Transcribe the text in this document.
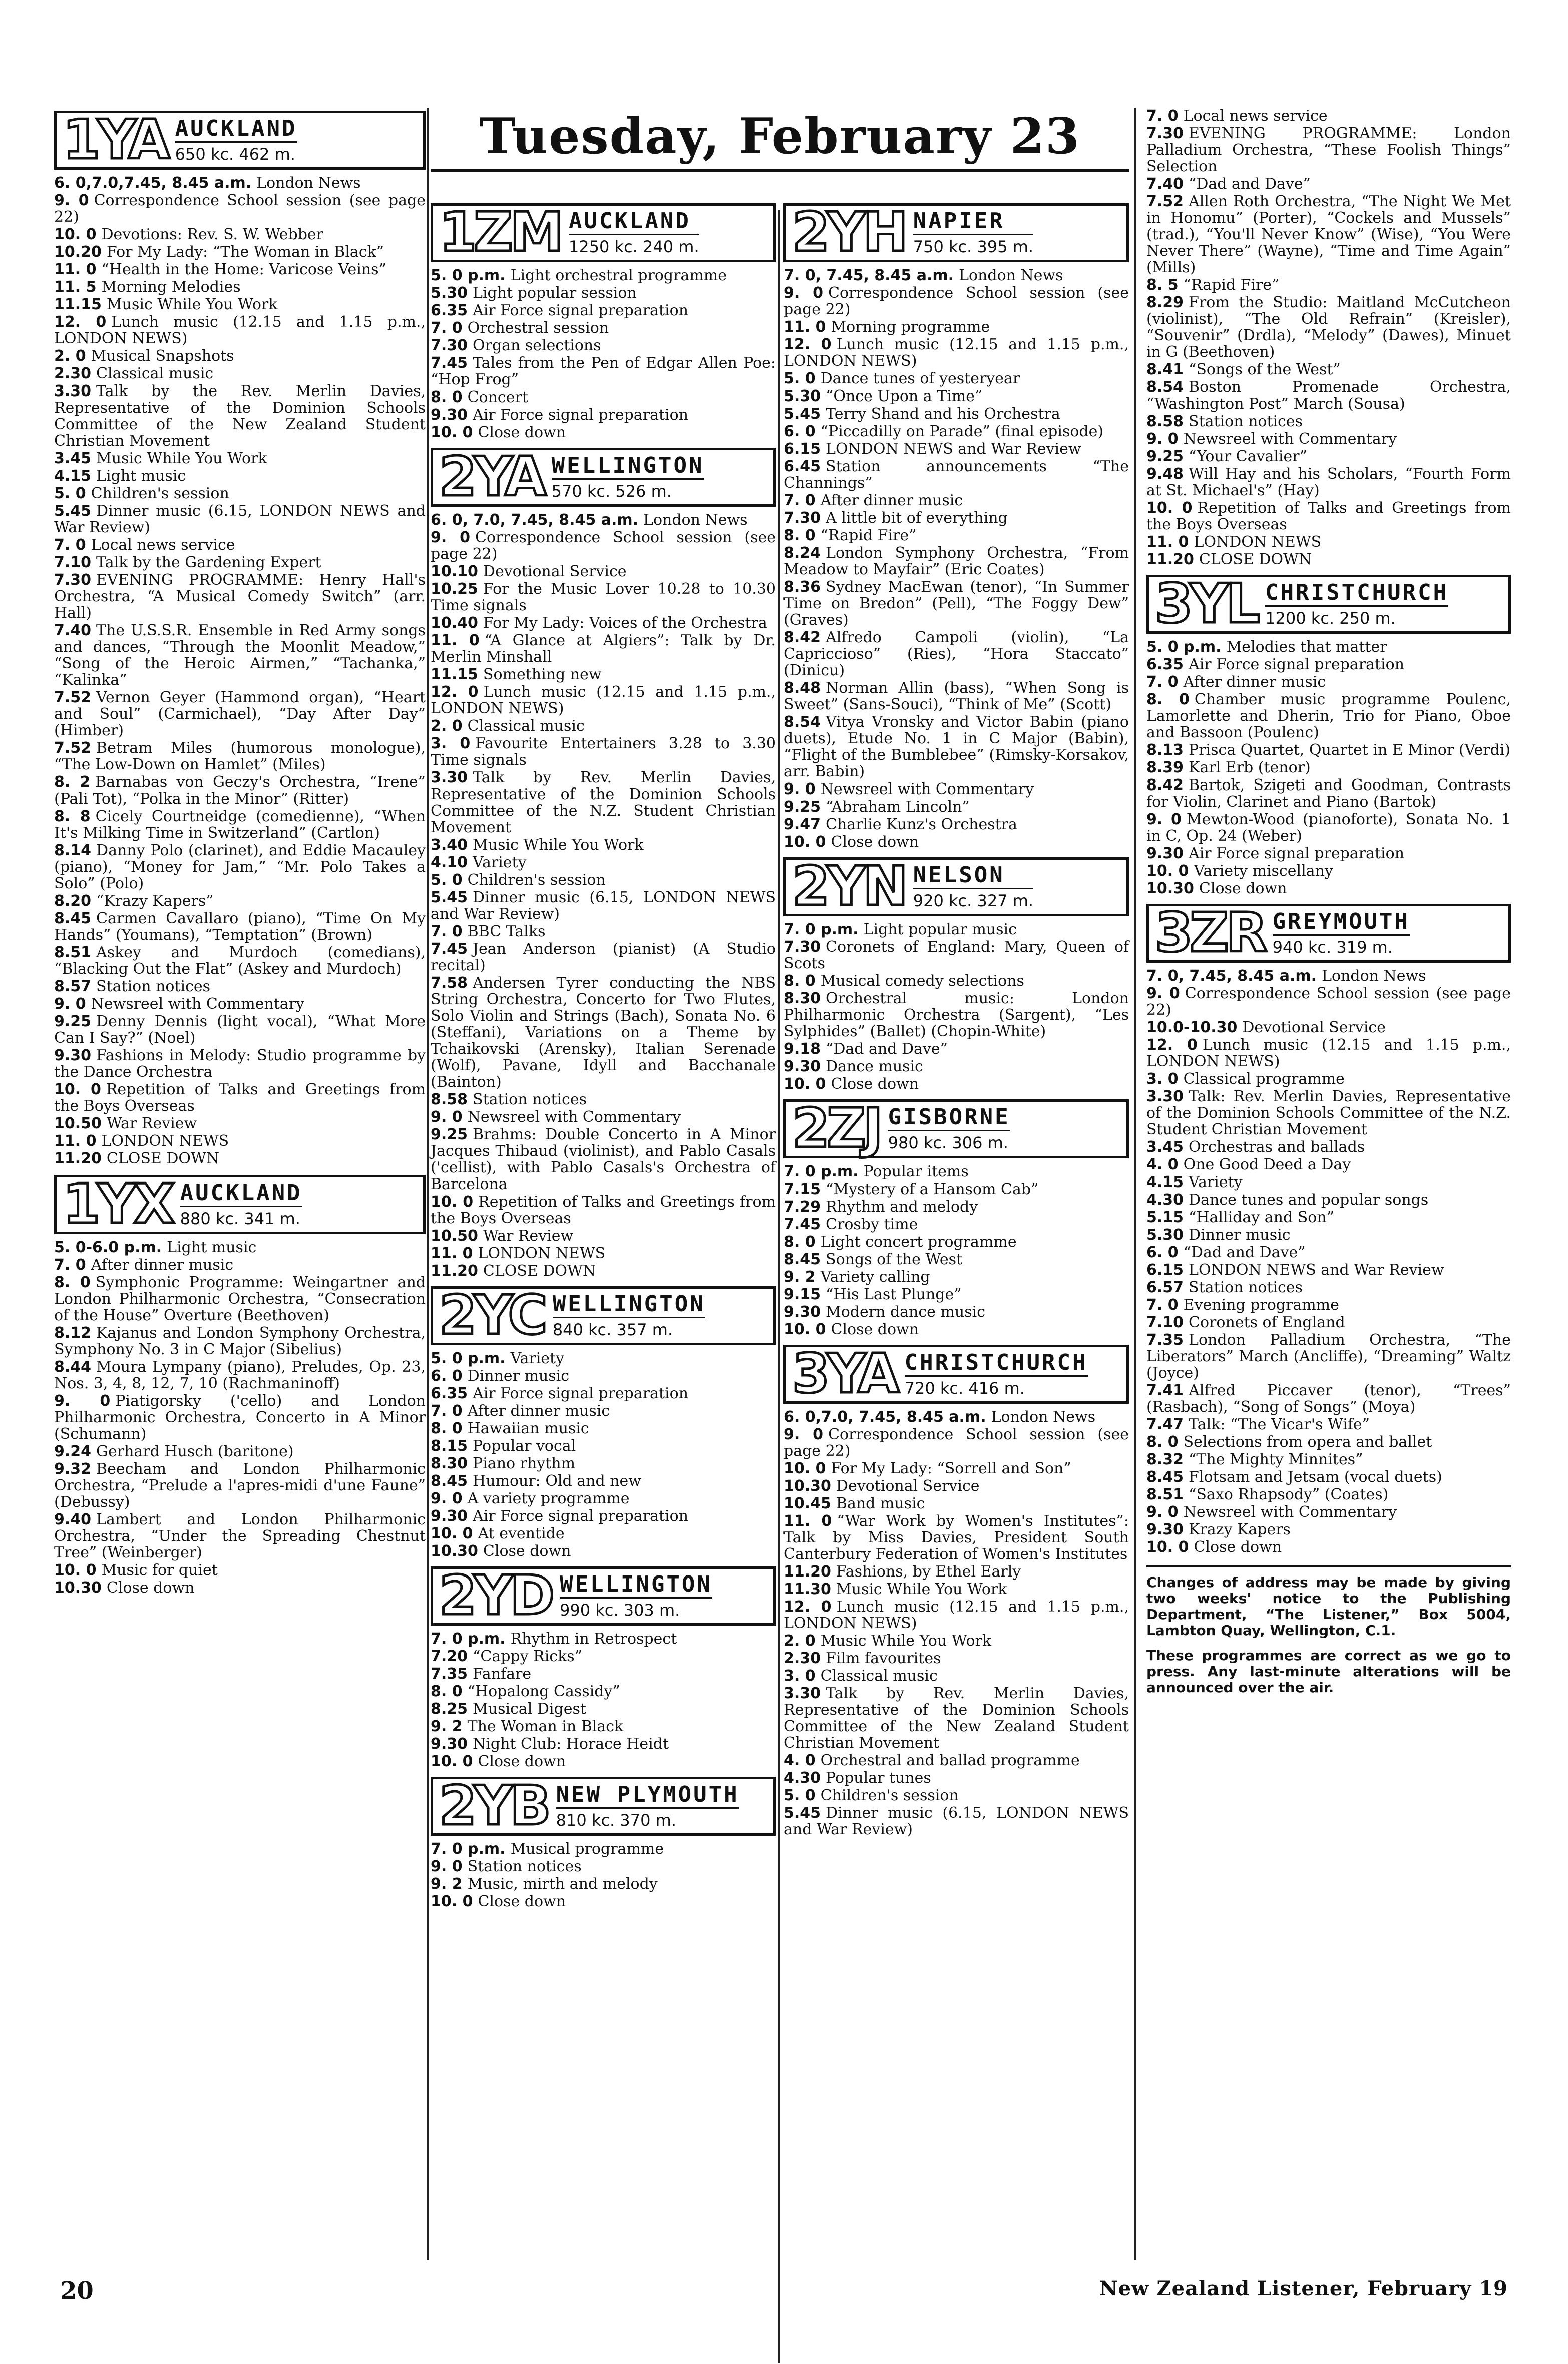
1YA AUCKLAND
650 kc. 462 m.
6. 0,7.0,7.45, 8.45 a.m. London News
9. 0 Correspondence School session (see page 22)
10. 0 Devotions: Rev. S. W. Webber
10.20 For My Lady: “The Woman in Black”
11. 0 “Health in the Home: Varicose Veins”
11. 5 Morning Melodies
11.15 Music While You Work
12. 0 Lunch music (12.15 and 1.15 p.m., LONDON NEWS)
2. 0 Musical Snapshots
2.30 Classical music
3.30 Talk by the Rev. Merlin Davies, Representative of the Dominion Schools Committee of the New Zealand Student Christian Movement
3.45 Music While You Work
4.15 Light music
5. 0 Children's session
5.45 Dinner music (6.15, LONDON NEWS and War Review)
7. 0 Local news service
7.10 Talk by the Gardening Expert
7.30 EVENING PROGRAMME: Henry Hall's Orchestra, “A Musical Comedy Switch” (arr. Hall)
7.40 The U.S.S.R. Ensemble in Red Army songs and dances, “Through the Moonlit Meadow,” “Song of the Heroic Airmen,” “Tachanka,” “Kalinka”
7.52 Vernon Geyer (Hammond organ), “Heart and Soul” (Carmichael), “Day After Day” (Himber)
7.52 Betram Miles (humorous monologue), “The Low-Down on Hamlet” (Miles)
8. 2 Barnabas von Geczy's Orchestra, “Irene” (Pali Tot), “Polka in the Minor” (Ritter)
8. 8 Cicely Courtneidge (comedienne), “When It's Milking Time in Switzerland” (Cartlon)
8.14 Danny Polo (clarinet), and Eddie Macauley (piano), “Money for Jam,” “Mr. Polo Takes a Solo” (Polo)
8.20 “Krazy Kapers”
8.45 Carmen Cavallaro (piano), “Time On My Hands” (Youmans), “Temptation” (Brown)
8.51 Askey and Murdoch (comedians), “Blacking Out the Flat” (Askey and Murdoch)
8.57 Station notices
9. 0 Newsreel with Commentary
9.25 Denny Dennis (light vocal), “What More Can I Say?” (Noel)
9.30 Fashions in Melody: Studio programme by the Dance Orchestra
10. 0 Repetition of Talks and Greetings from the Boys Overseas
10.50 War Review
11. 0 LONDON NEWS
11.20 CLOSE DOWN
1YX AUCKLAND
880 kc. 341 m.
5. 0-6.0 p.m. Light music
7. 0 After dinner music
8. 0 Symphonic Programme: Weingartner and London Philharmonic Orchestra, “Consecration of the House” Overture (Beethoven)
8.12 Kajanus and London Symphony Orchestra, Symphony No. 3 in C Major (Sibelius)
8.44 Moura Lympany (piano), Preludes, Op. 23, Nos. 3, 4, 8, 12, 7, 10 (Rachmaninoff)
9. 0 Piatigorsky ('cello) and London Philharmonic Orchestra, Concerto in A Minor (Schumann)
9.24 Gerhard Husch (baritone)
9.32 Beecham and London Philharmonic Orchestra, “Prelude a l'apres-midi d'une Faune” (Debussy)
9.40 Lambert and London Philharmonic Orchestra, “Under the Spreading Chestnut Tree” (Weinberger)
10. 0 Music for quiet
10.30 Close down
Tuesday, February 23
1ZM AUCKLAND
1250 kc. 240 m.
5. 0 p.m. Light orchestral programme
5.30 Light popular session
6.35 Air Force signal preparation
7. 0 Orchestral session
7.30 Organ selections
7.45 Tales from the Pen of Edgar Allen Poe: “Hop Frog”
8. 0 Concert
9.30 Air Force signal preparation
10. 0 Close down
2YA WELLINGTON
570 kc. 526 m.
6. 0, 7.0, 7.45, 8.45 a.m. London News
9. 0 Correspondence School session (see page 22)
10.10 Devotional Service
10.25 For the Music Lover 10.28 to 10.30 Time signals
10.40 For My Lady: Voices of the Orchestra
11. 0 “A Glance at Algiers”: Talk by Dr. Merlin Minshall
11.15 Something new
12. 0 Lunch music (12.15 and 1.15 p.m., LONDON NEWS)
2. 0 Classical music
3. 0 Favourite Entertainers 3.28 to 3.30 Time signals
3.30 Talk by Rev. Merlin Davies, Representative of the Dominion Schools Committee of the N.Z. Student Christian Movement
3.40 Music While You Work
4.10 Variety
5. 0 Children's session
5.45 Dinner music (6.15, LONDON NEWS and War Review)
7. 0 BBC Talks
7.45 Jean Anderson (pianist) (A Studio recital)
7.58 Andersen Tyrer conducting the NBS String Orchestra, Concerto for Two Flutes, Solo Violin and Strings (Bach), Sonata No. 6 (Steffani), Variations on a Theme by Tchaikovski (Arensky), Italian Serenade (Wolf), Pavane, Idyll and Bacchanale (Bainton)
8.58 Station notices
9. 0 Newsreel with Commentary
9.25 Brahms: Double Concerto in A Minor Jacques Thibaud (violinist), and Pablo Casals ('cellist), with Pablo Casals's Orchestra of Barcelona
10. 0 Repetition of Talks and Greetings from the Boys Overseas
10.50 War Review
11. 0 LONDON NEWS
11.20 CLOSE DOWN
2YC WELLINGTON
840 kc. 357 m.
5. 0 p.m. Variety
6. 0 Dinner music
6.35 Air Force signal preparation
7. 0 After dinner music
8. 0 Hawaiian music
8.15 Popular vocal
8.30 Piano rhythm
8.45 Humour: Old and new
9. 0 A variety programme
9.30 Air Force signal preparation
10. 0 At eventide
10.30 Close down
2YD WELLINGTON
990 kc. 303 m.
7. 0 p.m. Rhythm in Retrospect
7.20 “Cappy Ricks”
7.35 Fanfare
8. 0 “Hopalong Cassidy”
8.25 Musical Digest
9. 2 The Woman in Black
9.30 Night Club: Horace Heidt
10. 0 Close down
2YB NEW PLYMOUTH
810 kc. 370 m.
7. 0 p.m. Musical programme
9. 0 Station notices
9. 2 Music, mirth and melody
10. 0 Close down
2YH NAPIER
750 kc. 395 m.
7. 0, 7.45, 8.45 a.m. London News
9. 0 Correspondence School session (see page 22)
11. 0 Morning programme
12. 0 Lunch music (12.15 and 1.15 p.m., LONDON NEWS)
5. 0 Dance tunes of yesteryear
5.30 “Once Upon a Time”
5.45 Terry Shand and his Orchestra
6. 0 “Piccadilly on Parade” (final episode)
6.15 LONDON NEWS and War Review
6.45 Station announcements “The Channings”
7. 0 After dinner music
7.30 A little bit of everything
8. 0 “Rapid Fire”
8.24 London Symphony Orchestra, “From Meadow to Mayfair” (Eric Coates)
8.36 Sydney MacEwan (tenor), “In Summer Time on Bredon” (Pell), “The Foggy Dew” (Graves)
8.42 Alfredo Campoli (violin), “La Capriccioso” (Ries), “Hora Staccato” (Dinicu)
8.48 Norman Allin (bass), “When Song is Sweet” (Sans-Souci), “Think of Me” (Scott)
8.54 Vitya Vronsky and Victor Babin (piano duets), Etude No. 1 in C Major (Babin), “Flight of the Bumblebee” (Rimsky-Korsakov, arr. Babin)
9. 0 Newsreel with Commentary
9.25 “Abraham Lincoln”
9.47 Charlie Kunz's Orchestra
10. 0 Close down
2YN NELSON
920 kc. 327 m.
7. 0 p.m. Light popular music
7.30 Coronets of England: Mary, Queen of Scots
8. 0 Musical comedy selections
8.30 Orchestral music: London Philharmonic Orchestra (Sargent), “Les Sylphides” (Ballet) (Chopin-White)
9.18 “Dad and Dave”
9.30 Dance music
10. 0 Close down
2ZJ GISBORNE
980 kc. 306 m.
7. 0 p.m. Popular items
7.15 “Mystery of a Hansom Cab”
7.29 Rhythm and melody
7.45 Crosby time
8. 0 Light concert programme
8.45 Songs of the West
9. 2 Variety calling
9.15 “His Last Plunge”
9.30 Modern dance music
10. 0 Close down
3YA CHRISTCHURCH
720 kc. 416 m.
6. 0,7.0, 7.45, 8.45 a.m. London News
9. 0 Correspondence School session (see page 22)
10. 0 For My Lady: “Sorrell and Son”
10.30 Devotional Service
10.45 Band music
11. 0 “War Work by Women's Institutes”: Talk by Miss Davies, President South Canterbury Federation of Women's Institutes
11.20 Fashions, by Ethel Early
11.30 Music While You Work
12. 0 Lunch music (12.15 and 1.15 p.m., LONDON NEWS)
2. 0 Music While You Work
2.30 Film favourites
3. 0 Classical music
3.30 Talk by Rev. Merlin Davies, Representative of the Dominion Schools Committee of the New Zealand Student Christian Movement
4. 0 Orchestral and ballad programme
4.30 Popular tunes
5. 0 Children's session
5.45 Dinner music (6.15, LONDON NEWS and War Review)
7. 0 Local news service
7.30 EVENING PROGRAMME: London Palladium Orchestra, “These Foolish Things” Selection
7.40 “Dad and Dave”
7.52 Allen Roth Orchestra, “The Night We Met in Honomu” (Porter), “Cockels and Mussels” (trad.), “You'll Never Know” (Wise), “You Were Never There” (Wayne), “Time and Time Again” (Mills)
8. 5 “Rapid Fire”
8.29 From the Studio: Maitland McCutcheon (violinist), “The Old Refrain” (Kreisler), “Souvenir” (Drdla), “Melody” (Dawes), Minuet in G (Beethoven)
8.41 “Songs of the West”
8.54 Boston Promenade Orchestra, “Washington Post” March (Sousa)
8.58 Station notices
9. 0 Newsreel with Commentary
9.25 “Your Cavalier”
9.48 Will Hay and his Scholars, “Fourth Form at St. Michael's” (Hay)
10. 0 Repetition of Talks and Greetings from the Boys Overseas
11. 0 LONDON NEWS
11.20 CLOSE DOWN
3YL CHRISTCHURCH
1200 kc. 250 m.
5. 0 p.m. Melodies that matter
6.35 Air Force signal preparation
7. 0 After dinner music
8. 0 Chamber music programme Poulenc, Lamorlette and Dherin, Trio for Piano, Oboe and Bassoon (Poulenc)
8.13 Prisca Quartet, Quartet in E Minor (Verdi)
8.39 Karl Erb (tenor)
8.42 Bartok, Szigeti and Goodman, Contrasts for Violin, Clarinet and Piano (Bartok)
9. 0 Mewton-Wood (pianoforte), Sonata No. 1 in C, Op. 24 (Weber)
9.30 Air Force signal preparation
10. 0 Variety miscellany
10.30 Close down
3ZR GREYMOUTH
940 kc. 319 m.
7. 0, 7.45, 8.45 a.m. London News
9. 0 Correspondence School session (see page 22)
10.0-10.30 Devotional Service
12. 0 Lunch music (12.15 and 1.15 p.m., LONDON NEWS)
3. 0 Classical programme
3.30 Talk: Rev. Merlin Davies, Representative of the Dominion Schools Committee of the N.Z. Student Christian Movement
3.45 Orchestras and ballads
4. 0 One Good Deed a Day
4.15 Variety
4.30 Dance tunes and popular songs
5.15 “Halliday and Son”
5.30 Dinner music
6. 0 “Dad and Dave”
6.15 LONDON NEWS and War Review
6.57 Station notices
7. 0 Evening programme
7.10 Coronets of England
7.35 London Palladium Orchestra, “The Liberators” March (Ancliffe), “Dreaming” Waltz (Joyce)
7.41 Alfred Piccaver (tenor), “Trees” (Rasbach), “Song of Songs” (Moya)
7.47 Talk: “The Vicar's Wife”
8. 0 Selections from opera and ballet
8.32 “The Mighty Minnites”
8.45 Flotsam and Jetsam (vocal duets)
8.51 “Saxo Rhapsody” (Coates)
9. 0 Newsreel with Commentary
9.30 Krazy Kapers
10. 0 Close down
Changes of address may be made by giving two weeks' notice to the Publishing Department, “The Listener,” Box 5004, Lambton Quay, Wellington, C.1.
These programmes are correct as we go to press. Any last-minute alterations will be announced over the air.
20	New Zealand Listener, February 19
